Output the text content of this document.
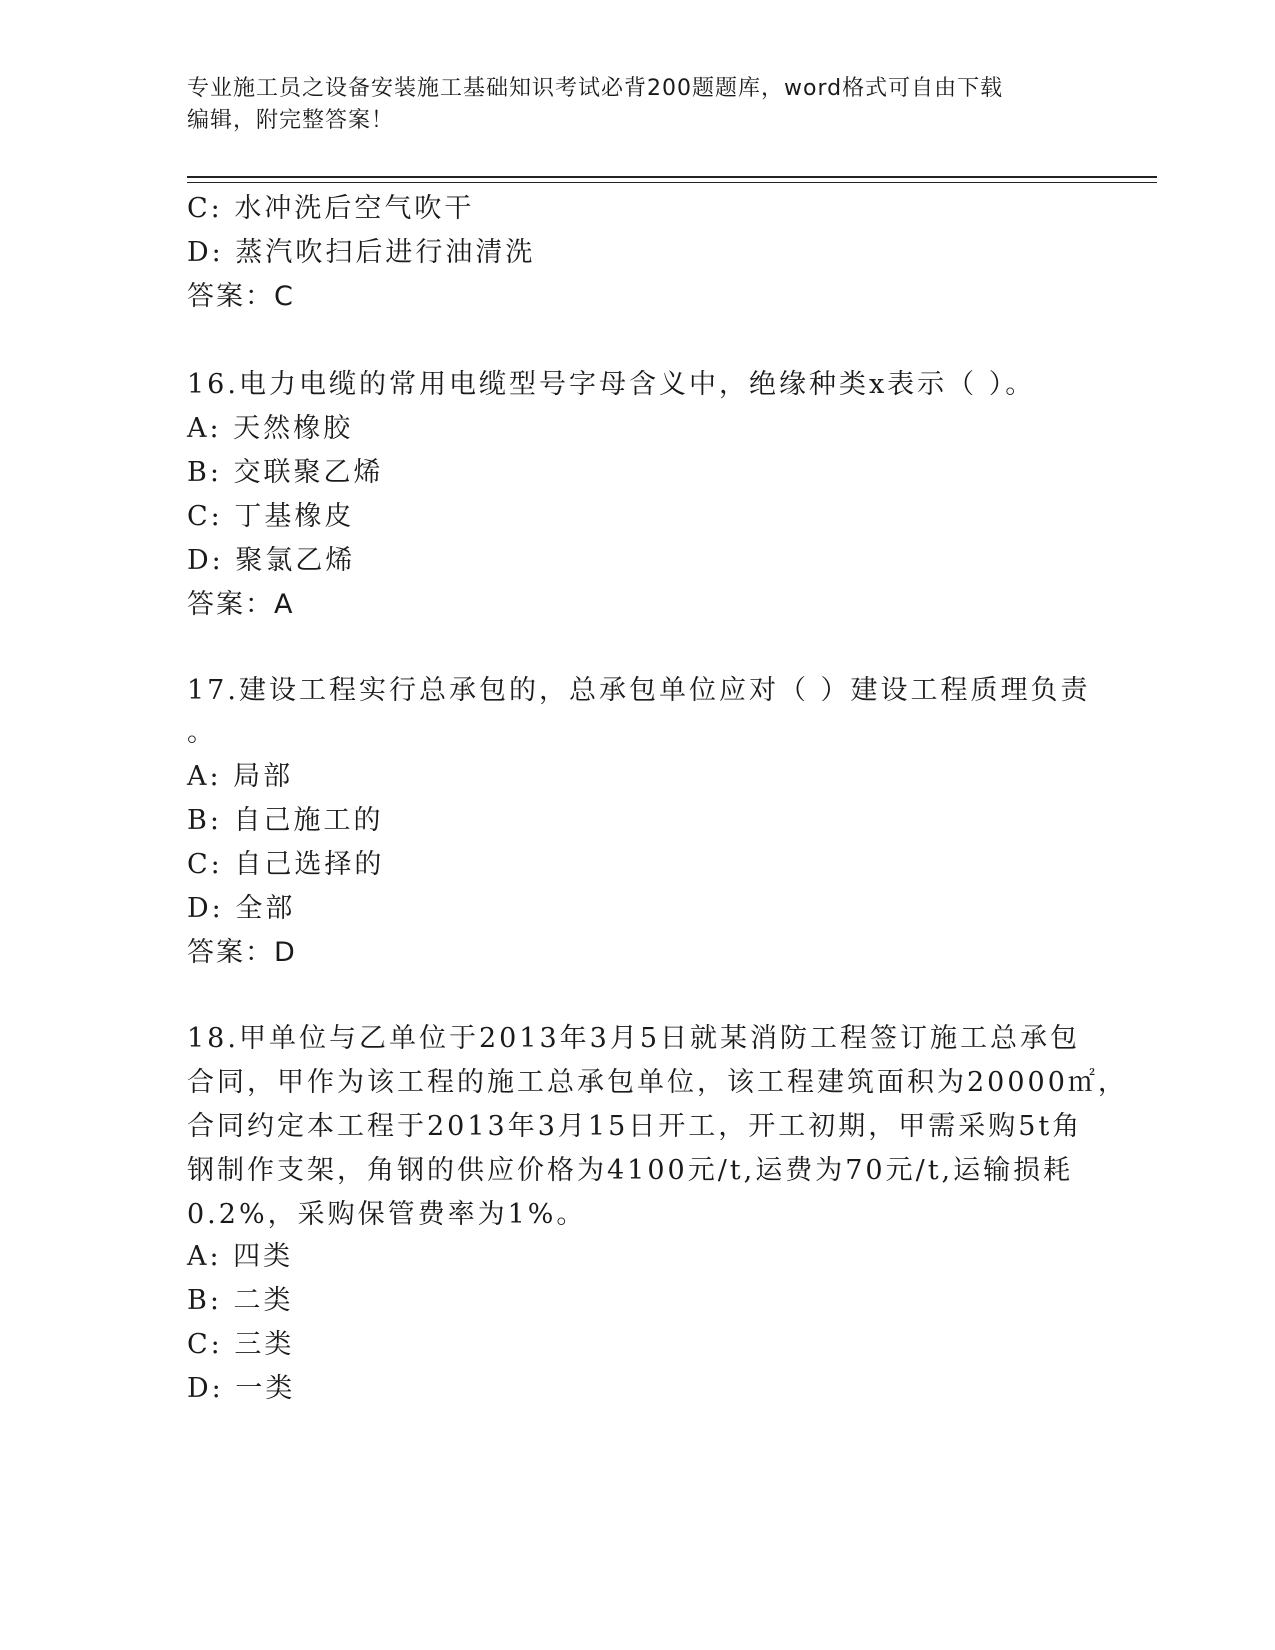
专业施工员之设备安装施工基础知识考试必背200题题库，word格式可自由下载
编辑，附完整答案！
C: 水冲洗后空气吹干
D: 蒸汽吹扫后进行油清洗
答案：C
16.电力电缆的常用电缆型号字母含义中，绝缘种类x表示（ ）。
A: 天然橡胶
B: 交联聚乙烯
C: 丁基橡皮
D: 聚氯乙烯
答案：A
17.建设工程实行总承包的，总承包单位应对（ ）建设工程质理负责
。
A: 局部
B: 自己施工的
C: 自己选择的
D: 全部
答案：D
18.甲单位与乙单位于2013年3月5日就某消防工程签订施工总承包
合同，甲作为该工程的施工总承包单位，该工程建筑面积为20000㎡，
合同约定本工程于2013年3月15日开工，开工初期，甲需采购5t角
钢制作支架，角钢的供应价格为4100元/t,运费为70元/t,运输损耗
0.2%，采购保管费率为1%。
A: 四类
B: 二类
C: 三类
D: 一类
